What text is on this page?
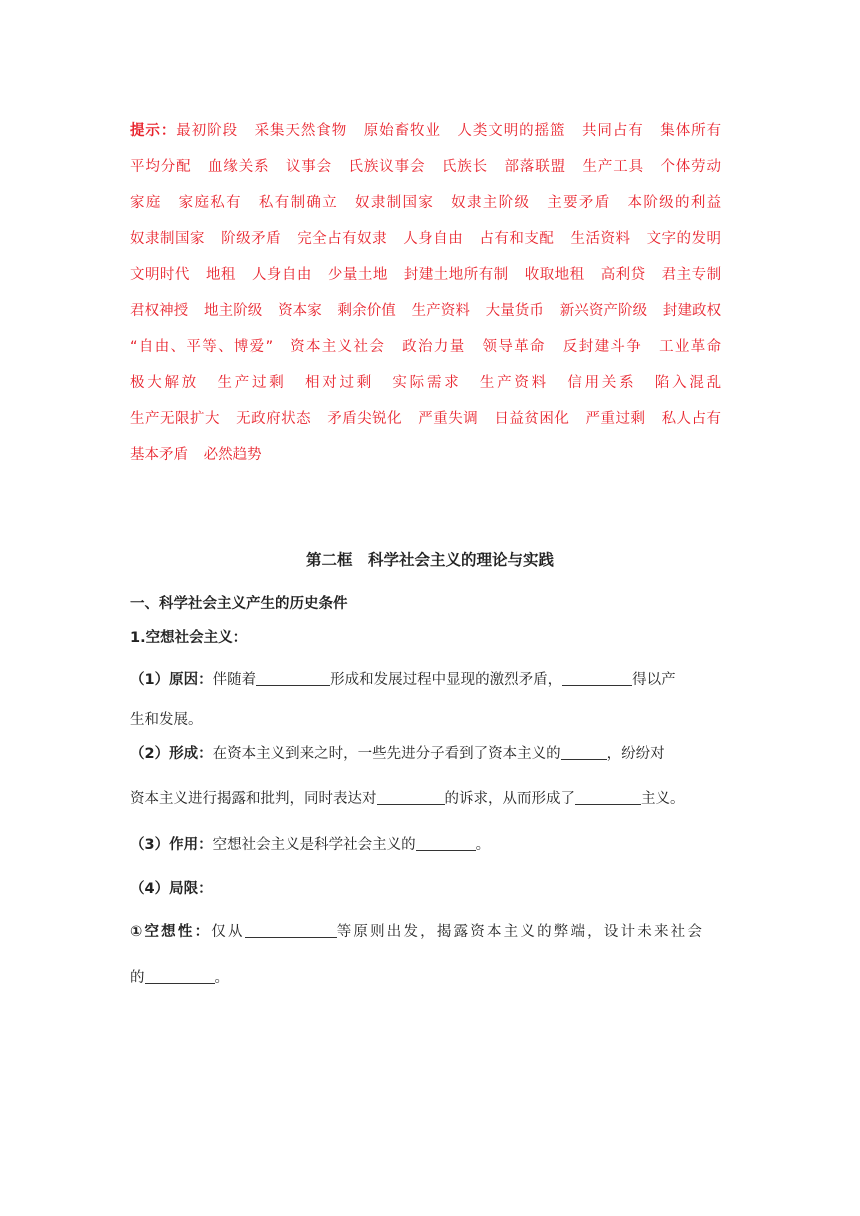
提示：最初阶段 采集天然食物 原始畜牧业 人类文明的摇篮 共同占有 集体所有 平均分配 血缘关系 议事会 氏族议事会 氏族长 部落联盟 生产工具 个体劳动 家庭 家庭私有 私有制确立 奴隶制国家 奴隶主阶级 主要矛盾 本阶级的利益 奴隶制国家 阶级矛盾 完全占有奴隶 人身自由 占有和支配 生活资料 文字的发明 文明时代 地租 人身自由 少量土地 封建土地所有制 收取地租 高利贷 君主专制 君权神授 地主阶级 资本家 剩余价值 生产资料 大量货币 新兴资产阶级 封建政权 “自由、平等、博爱” 资本主义社会 政治力量 领导革命 反封建斗争 工业革命 极大解放 生产过剩 相对过剩 实际需求 生产资料 信用关系 陷入混乱 生产无限扩大 无政府状态 矛盾尖锐化 严重失调 日益贫困化 严重过剩 私人占有 基本矛盾 必然趋势
第二框　科学社会主义的理论与实践
一、科学社会主义产生的历史条件
1.空想社会主义：
（1）原因：伴随着	形成和发展过程中显现的激烈矛盾，	得以产
生和发展。
（2）形成：在资本主义到来之时，一些先进分子看到了资本主义的	，纷纷对
资本主义进行揭露和批判，同时表达对	的诉求，从而形成了	主义。
（3）作用：空想社会主义是科学社会主义的	。
（4）局限：
①空想性：仅从	等原则出发，揭露资本主义的弊端，设计未来社会
的	。
